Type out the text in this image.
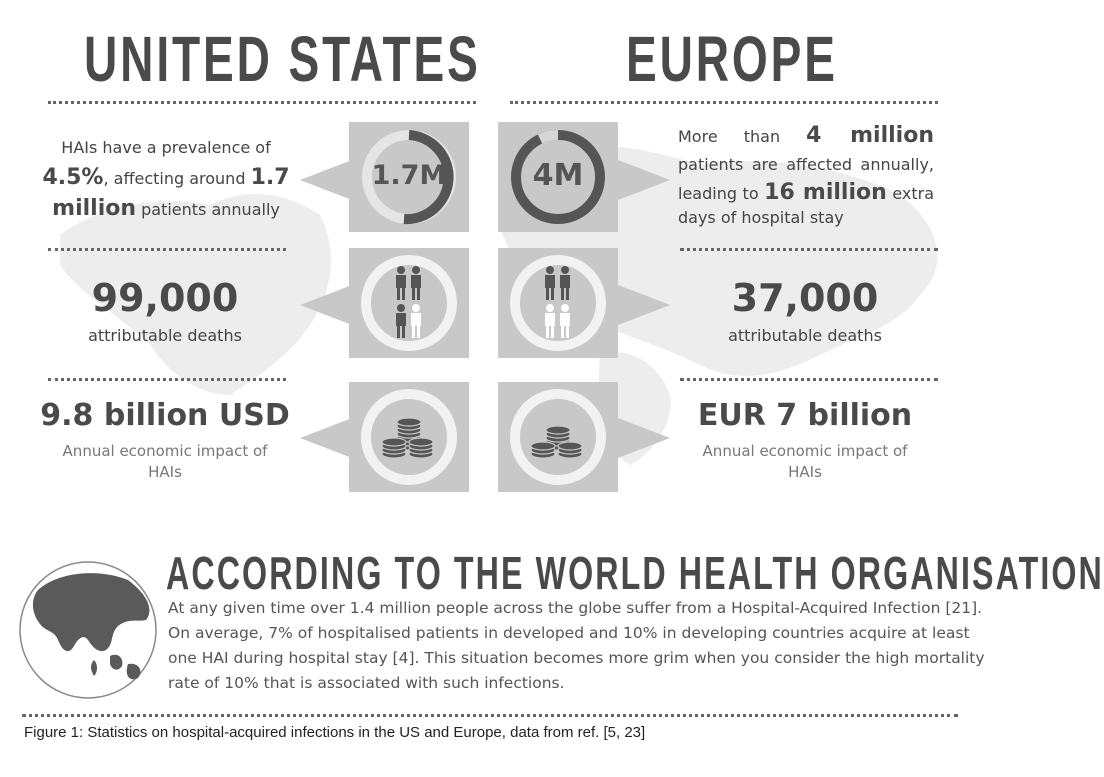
UNITED STATES EUROPE
HAIs have a prevalence of
4.5%, affecting around 1.7
million patients annually
More than 4 million
patients are affected annually,
leading to 16 million extra
days of hospital stay
99,000
attributable deaths
37,000
attributable deaths
9.8 billion USD
Annual economic impact of
HAIs
EUR 7 billion
Annual economic impact of
HAIs
1.7M	4M
ACCORDING TO THE WORLD HEALTH ORGANISATION
At any given time over 1.4 million people across the globe suffer from a Hospital-Acquired Infection [21]. On average, 7% of hospitalised patients in developed and 10% in developing countries acquire at least one HAI during hospital stay [4]. This situation becomes more grim when you consider the high mortality rate of 10% that is associated with such infections.
Figure 1: Statistics on hospital-acquired infections in the US and Europe, data from ref. [5, 23]
